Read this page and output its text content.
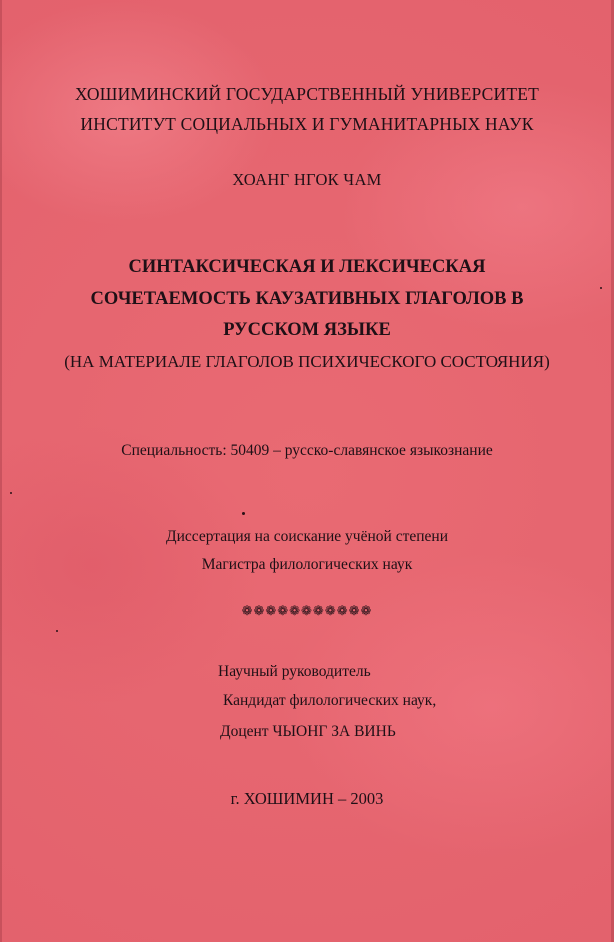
ХОШИМИНСКИЙ ГОСУДАРСТВЕННЫЙ УНИВЕРСИТЕТ

ИНСТИТУТ СОЦИАЛЬНЫХ И ГУМАНИТАРНЫХ НАУК

ХОАНГ НГОК ЧАМ

СИНТАКСИЧЕСКАЯ И ЛЕКСИЧЕСКАЯ

СОЧЕТАЕМОСТЬ КАУЗАТИВНЫХ ГЛАГОЛОВ В

РУССКОМ ЯЗЫКЕ

(НА МАТЕРИАЛЕ ГЛАГОЛОВ ПСИХИЧЕСКОГО СОСТОЯНИЯ)

Специальность: 50409 – русско-славянское языкознание

Диссертация на соискание учёной степени

Магистра филологических наук

❁❁❁❁❁❁❁❁❁❁❁

Научный руководитель

Кандидат филологических наук,

Доцент ЧЫОНГ ЗА ВИНЬ

г. ХОШИМИН – 2003
